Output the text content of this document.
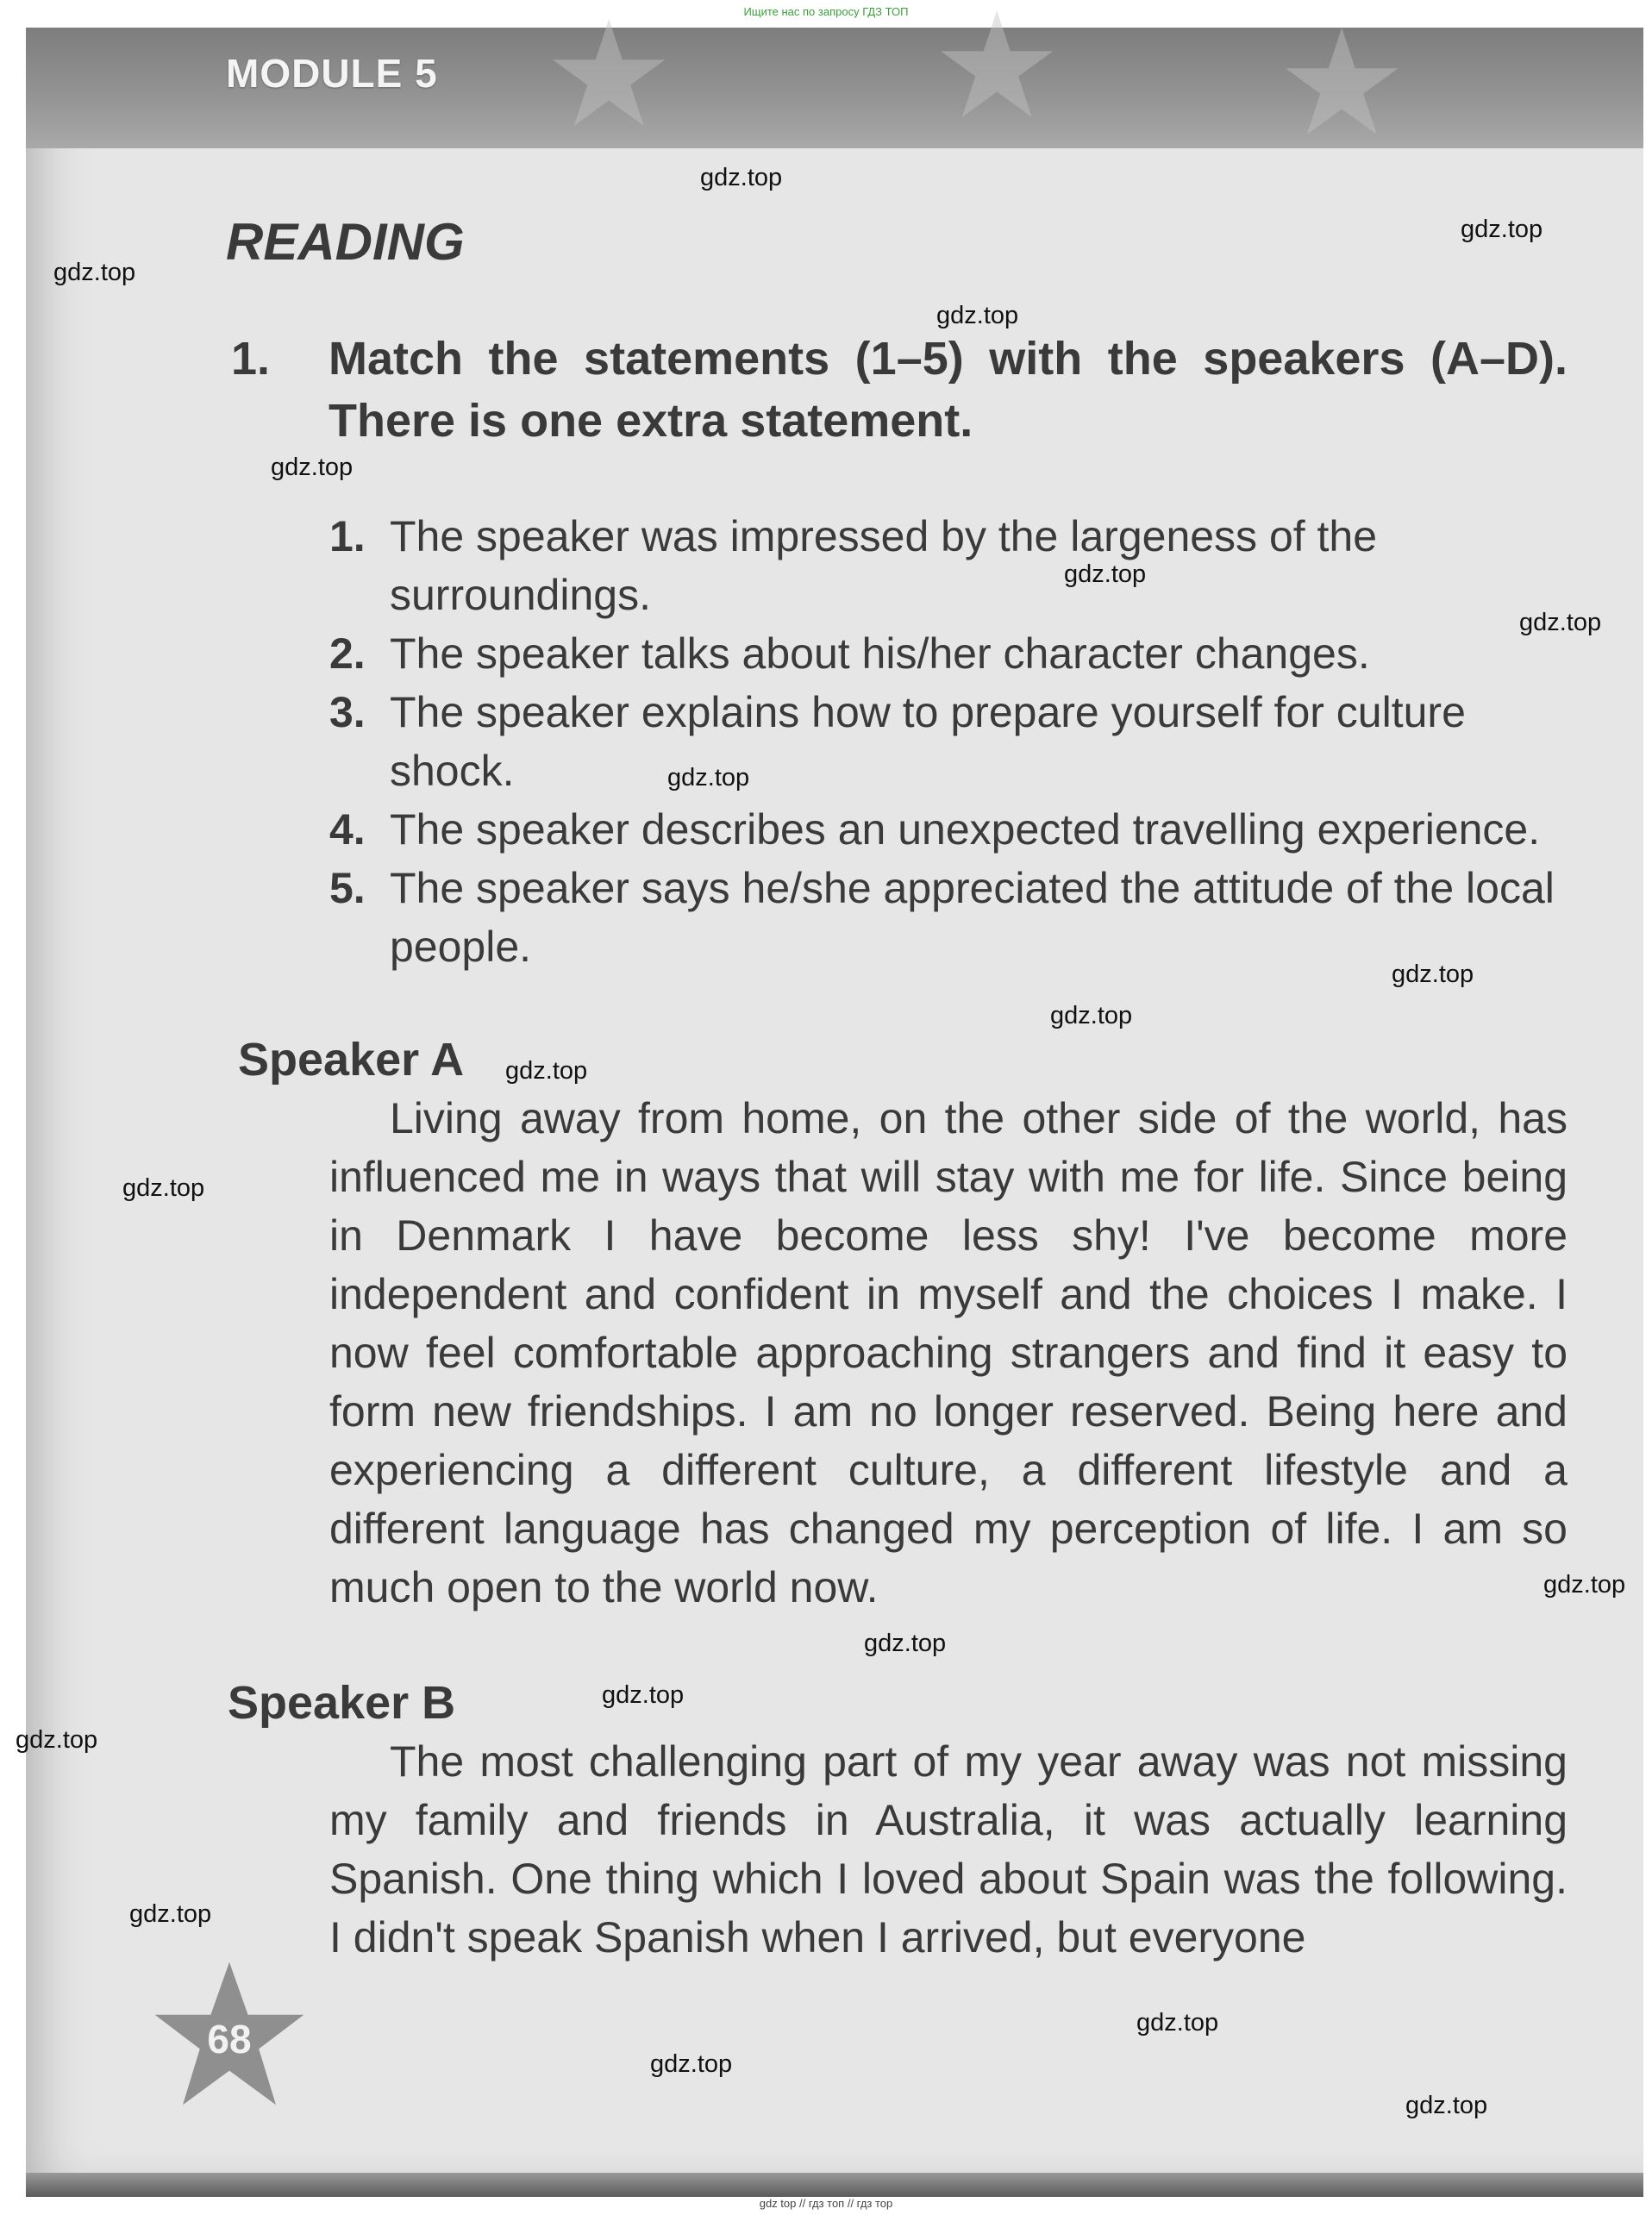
Ищите нас по запросу ГДЗ ТОП
★ ★ ★
MODULE 5
READING
1. Match the statements (1–5) with the speakers (A–D). There is one extra statement.
1. The speaker was impressed by the largeness of the surroundings.
2. The speaker talks about his/her character changes.
3. The speaker explains how to prepare yourself for culture shock.
4. The speaker describes an unexpected travelling experience.
5. The speaker says he/she appreciated the attitude of the local people.
Speaker A
Living away from home, on the other side of the world, has influenced me in ways that will stay with me for life. Since being in Denmark I have become less shy! I've become more independent and confident in myself and the choices I make. I now feel comfortable approaching strangers and find it easy to form new friendships. I am no longer reserved. Being here and experiencing a different culture, a different lifestyle and a different language has changed my perception of life. I am so much open to the world now.
Speaker B
The most challenging part of my year away was not missing my family and friends in Australia, it was actually learning Spanish. One thing which I loved about Spain was the following. I didn't speak Spanish when I arrived, but everyone
68
gdz.top
gdz.top
gdz.top
gdz.top
gdz.top
gdz.top
gdz.top
gdz.top
gdz.top
gdz.top
gdz.top
gdz.top
gdz.top
gdz.top
gdz.top
gdz.top
gdz.top
gdz.top
gdz.top
gdz.top
gdz top // гдз топ // гдз тор
